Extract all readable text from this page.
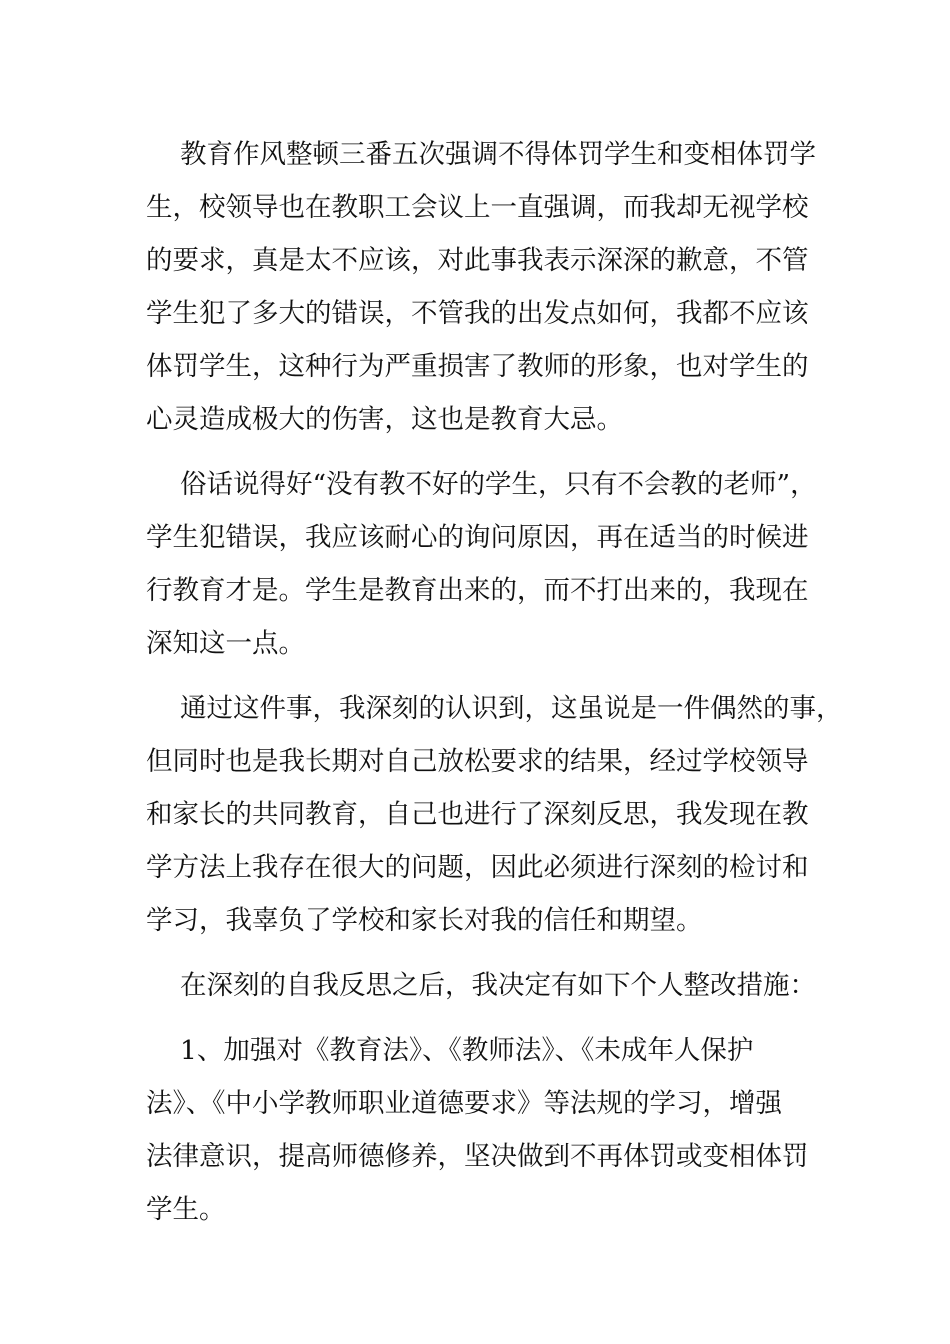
教育作风整顿三番五次强调不得体罚学生和变相体罚学
生，校领导也在教职工会议上一直强调，而我却无视学校
的要求，真是太不应该，对此事我表示深深的歉意，不管
学生犯了多大的错误，不管我的出发点如何，我都不应该
体罚学生，这种行为严重损害了教师的形象，也对学生的
心灵造成极大的伤害，这也是教育大忌。
俗话说得好“没有教不好的学生，只有不会教的老师”，
学生犯错误，我应该耐心的询问原因，再在适当的时候进
行教育才是。学生是教育出来的，而不打出来的，我现在
深知这一点。
通过这件事，我深刻的认识到，这虽说是一件偶然的事，
但同时也是我长期对自己放松要求的结果，经过学校领导
和家长的共同教育，自己也进行了深刻反思，我发现在教
学方法上我存在很大的问题，因此必须进行深刻的检讨和
学习，我辜负了学校和家长对我的信任和期望。
在深刻的自我反思之后，我决定有如下个人整改措施：
1、加强对《教育法》、《教师法》、《未成年人保护
法》、《中小学教师职业道德要求》等法规的学习，增强
法律意识，提高师德修养，坚决做到不再体罚或变相体罚
学生。
